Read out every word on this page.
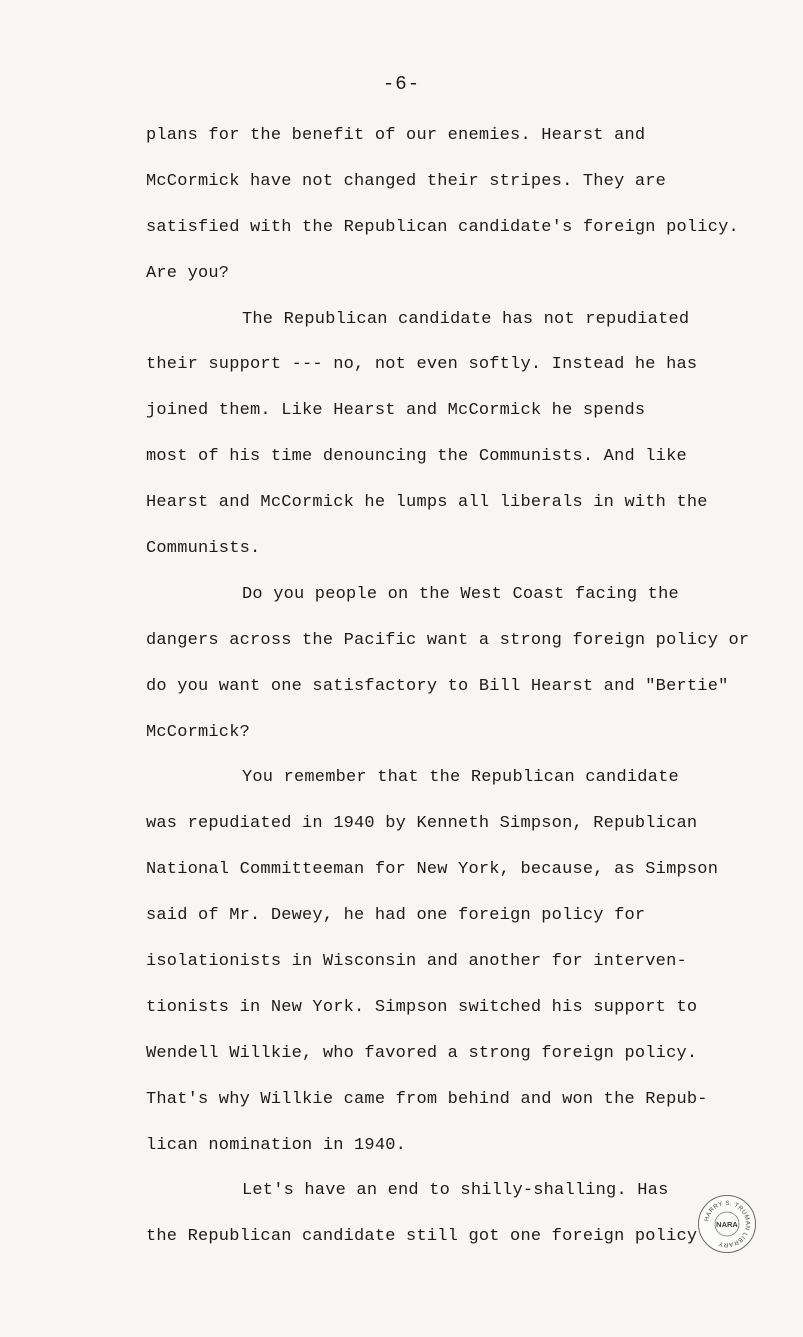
-6-
plans for the benefit of our enemies. Hearst and
McCormick have not changed their stripes. They are
satisfied with the Republican candidate's foreign policy.
Are you?
The Republican candidate has not repudiated
their support --- no, not even softly. Instead he has
joined them. Like Hearst and McCormick he spends
most of his time denouncing the Communists. And like
Hearst and McCormick he lumps all liberals in with the
Communists.
Do you people on the West Coast facing the
dangers across the Pacific want a strong foreign policy or
do you want one satisfactory to Bill Hearst and "Bertie"
McCormick?
You remember that the Republican candidate
was repudiated in 1940 by Kenneth Simpson, Republican
National Committeeman for New York, because, as Simpson
said of Mr. Dewey, he had one foreign policy for
isolationists in Wisconsin and another for interven-
tionists in New York. Simpson switched his support to
Wendell Willkie, who favored a strong foreign policy.
That's why Willkie came from behind and won the Repub-
lican nomination in 1940.
Let's have an end to shilly-shalling. Has
the Republican candidate still got one foreign policy
HARRY S. TRUMAN LIBRARY
NARA
